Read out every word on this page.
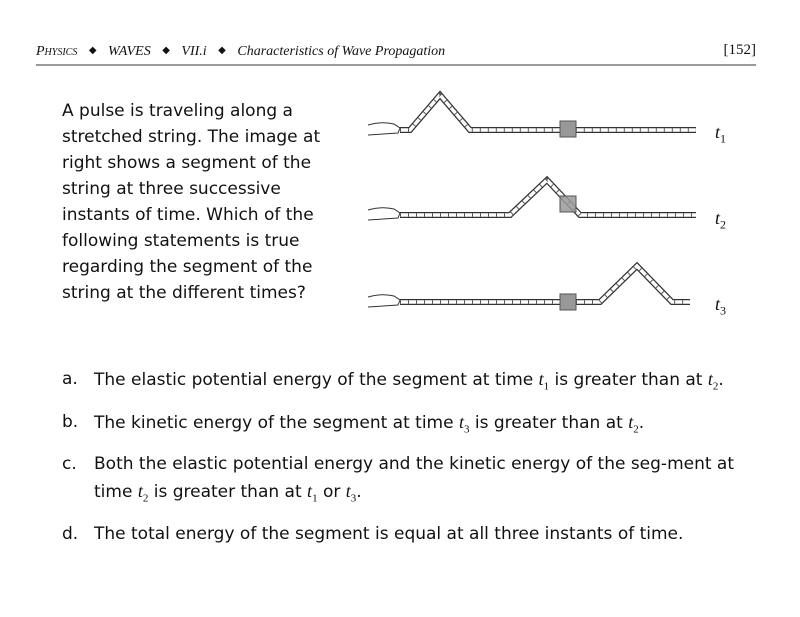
Physics ◆ WAVES ◆ VII.i ◆ Characteristics of Wave Propagation	[152]
A pulse is traveling along a stretched string. The image at right shows a segment of the string at three successive instants of time. Which of the following statements is true regarding the segment of the string at the different times?
$t_1$
$t_2$
$t_3$
a. The elastic potential energy of the segment at time $t_1$ is greater than at $t_2$.
b. The kinetic energy of the segment at time $t_3$ is greater than at $t_2$.
c.	Both the elastic potential energy and the kinetic energy of the seg-ment at time $t_2$ is greater than at $t_1$ or $t_3$.
d. The total energy of the segment is equal at all three instants of time.
